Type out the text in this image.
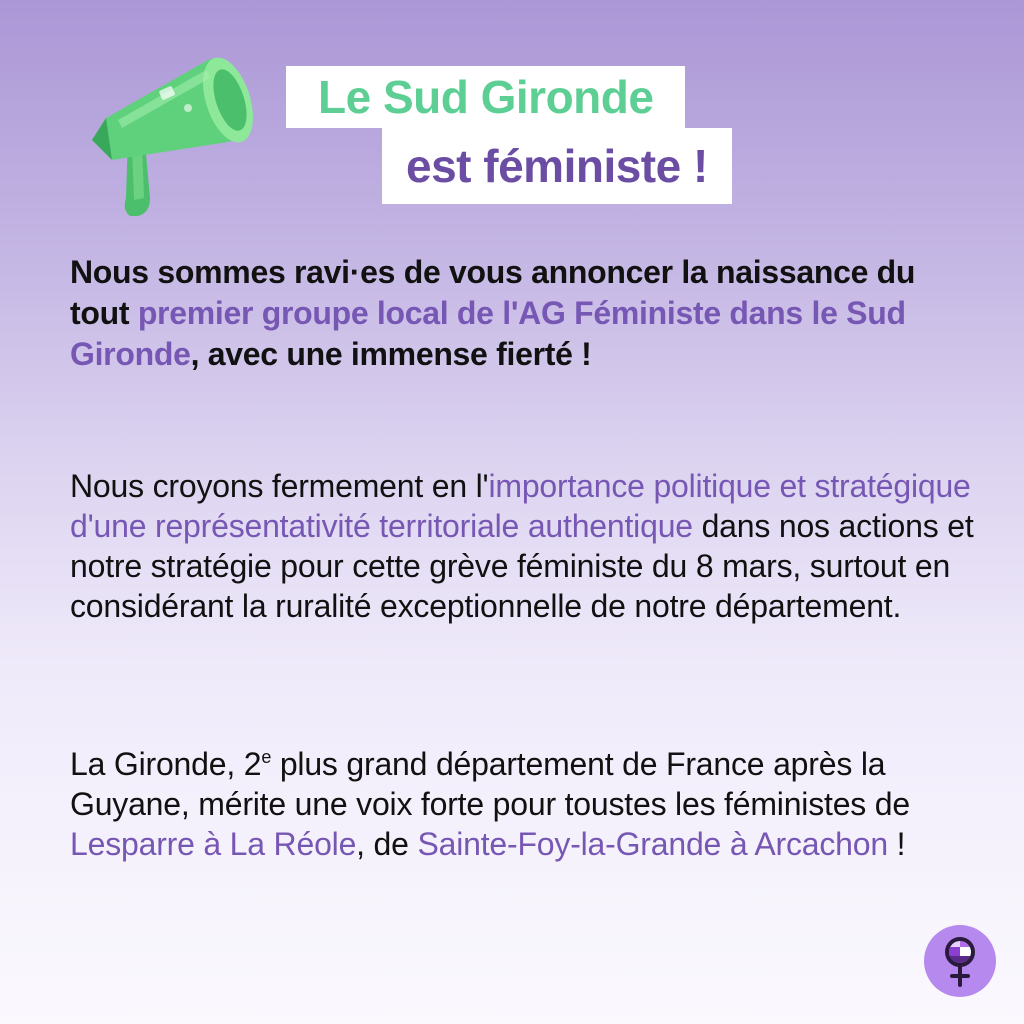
Le Sud Gironde
est féministe !
Nous sommes ravi·es de vous annoncer la naissance du tout premier groupe local de l'AG Féministe dans le Sud Gironde, avec une immense fierté !
Nous croyons fermement en l'importance politique et stratégique d'une représentativité territoriale authentique dans nos actions et notre stratégie pour cette grève féministe du 8 mars, surtout en considérant la ruralité exceptionnelle de notre département.
La Gironde, 2e plus grand département de France après la Guyane, mérite une voix forte pour toustes les féministes de Lesparre à La Réole, de Sainte-Foy-la-Grande à Arcachon !
